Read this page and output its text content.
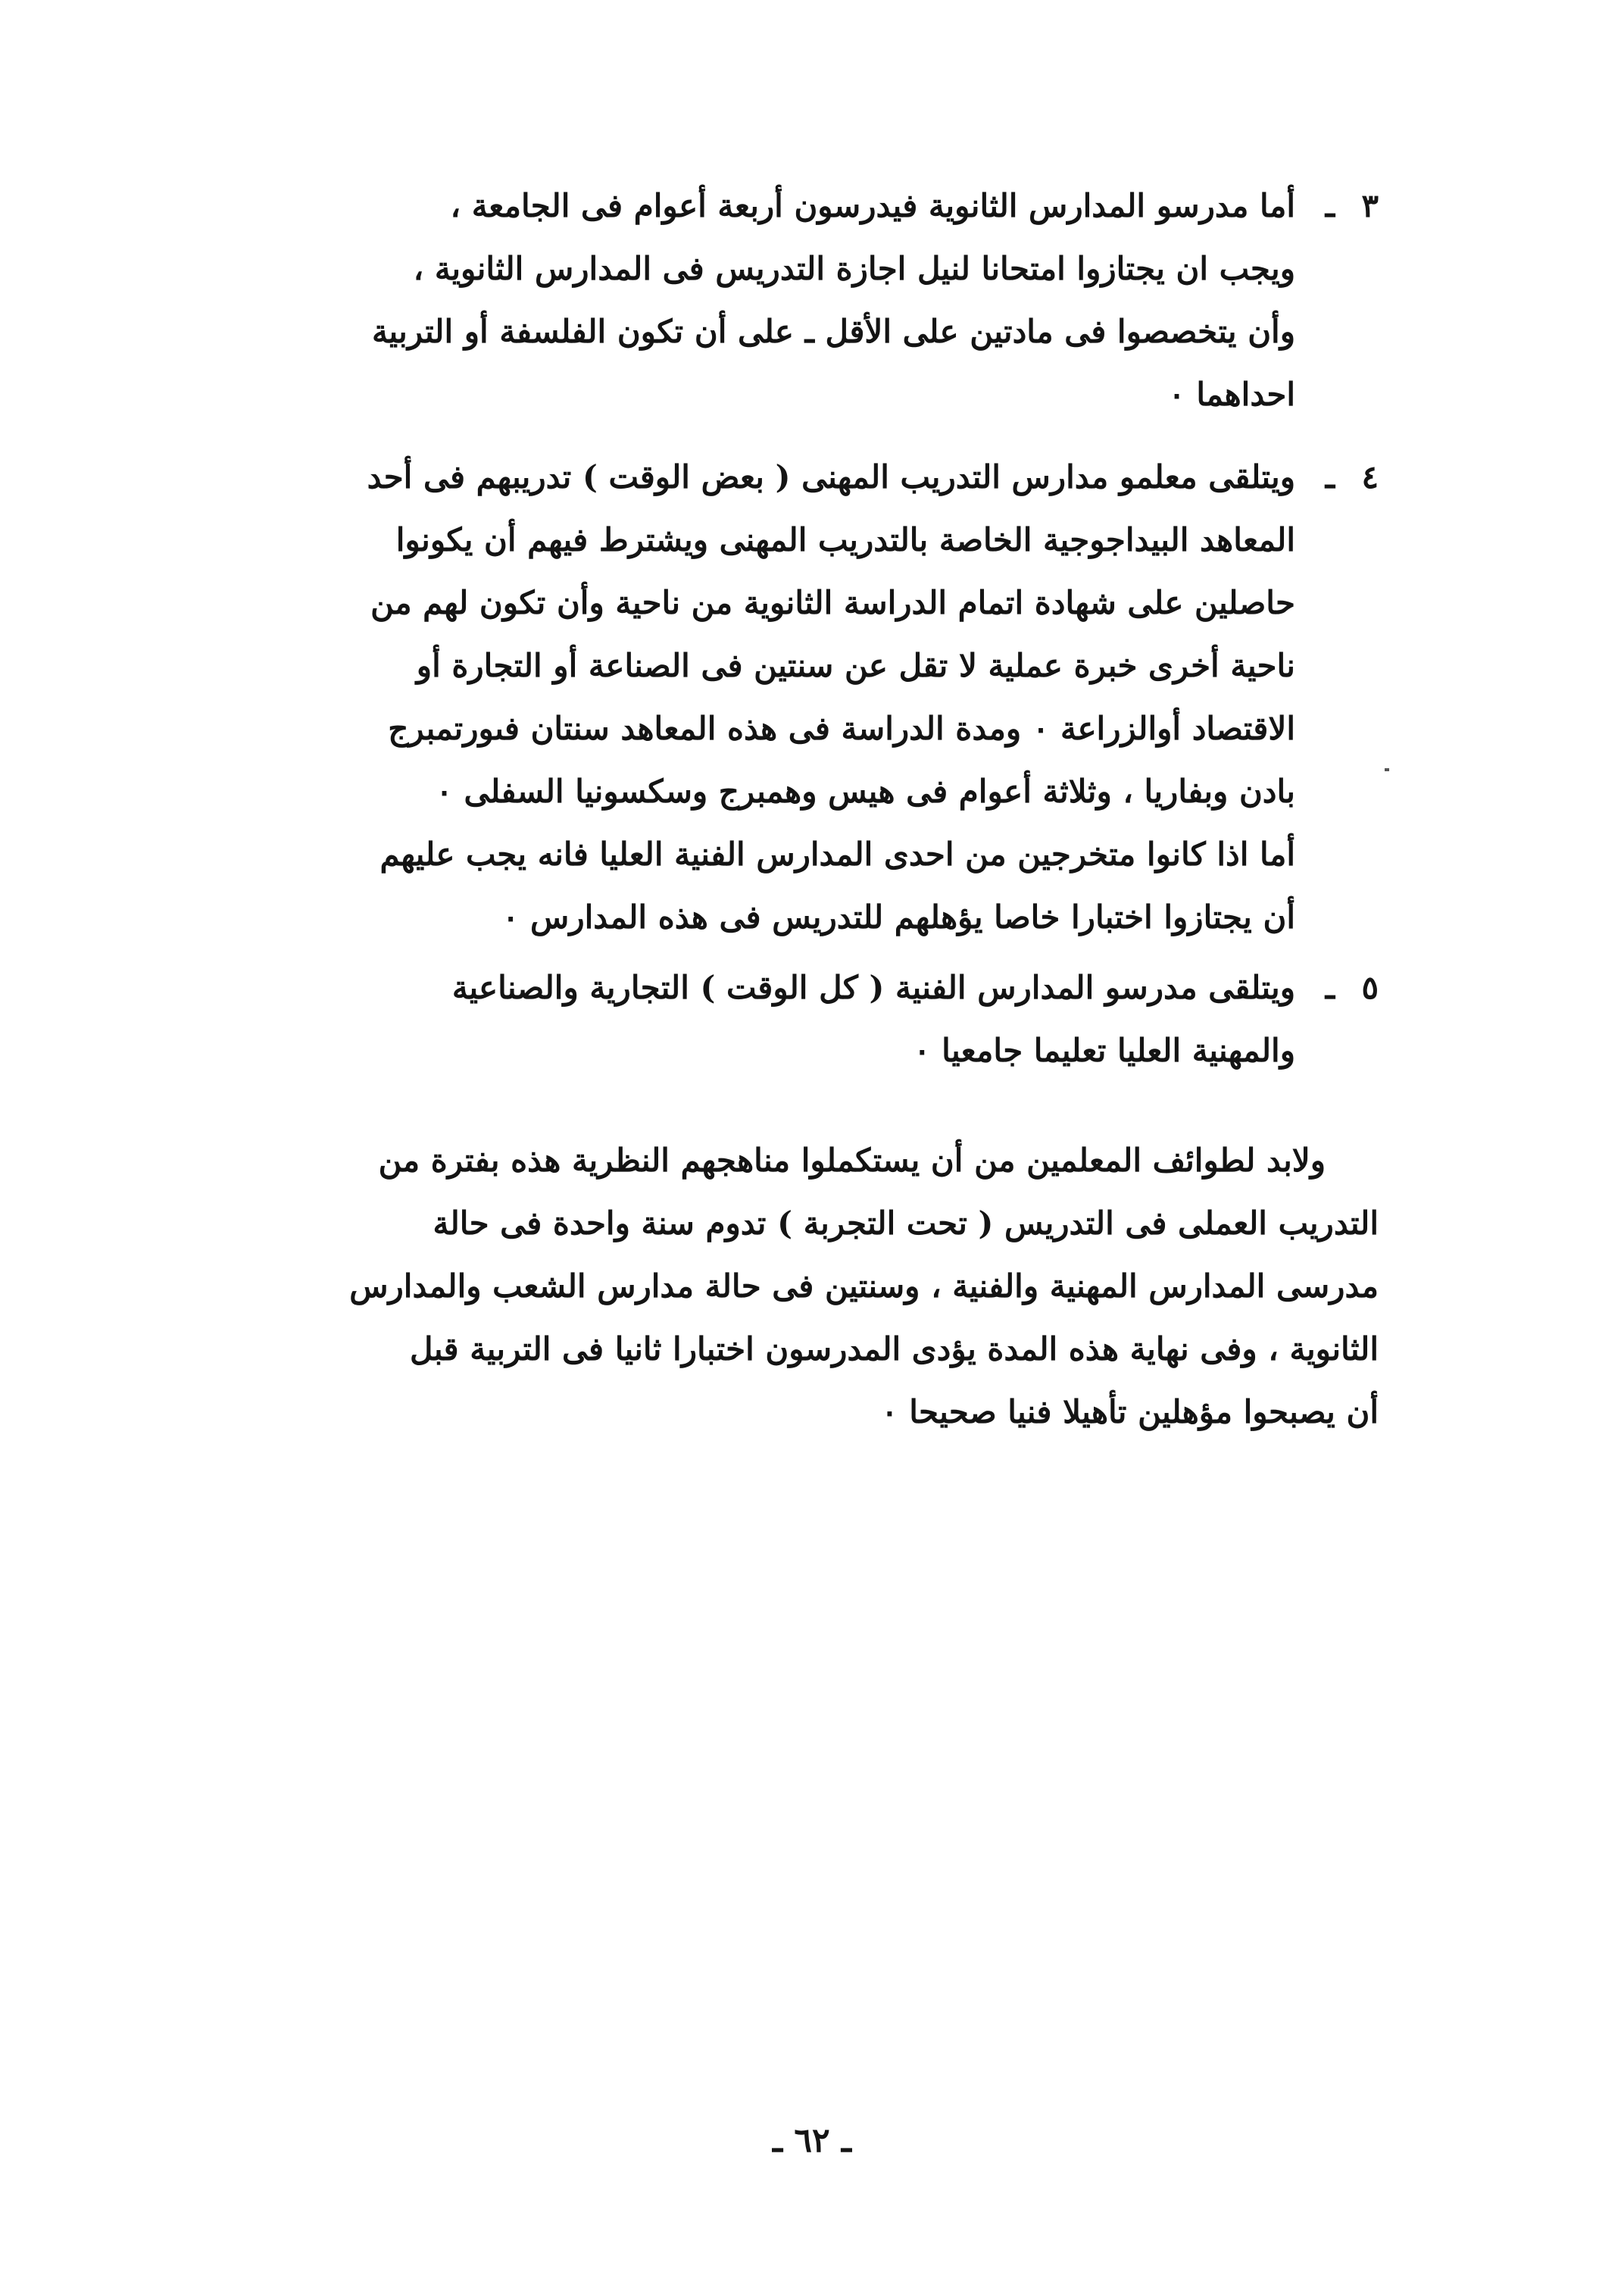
٣
ـ
أما مدرسو المدارس الثانوية فيدرسون أربعة أعوام فى الجامعة ،
ويجب ان يجتازوا امتحانا لنيل اجازة التدريس فى المدارس الثانوية ،
وأن يتخصصوا فى مادتين على الأقل ـ على أن تكون الفلسفة أو التربية
احداهما ٠
٤
ـ
ويتلقى معلمو مدارس التدريب المهنى ( بعض الوقت ) تدريبهم فى أحد
المعاهد البيداجوجية الخاصة بالتدريب المهنى ويشترط فيهم أن يكونوا
حاصلين على شهادة اتمام الدراسة الثانوية من ناحية وأن تكون لهم من
ناحية أخرى خبرة عملية لا تقل عن سنتين فى الصناعة أو التجارة أو
الاقتصاد أوالزراعة ٠ ومدة الدراسة فى هذه المعاهد سنتان فىورتمبرج
بادن وبفاريا ، وثلاثة أعوام فى هيس وهمبرج وسكسونيا السفلى ٠
أما اذا كانوا متخرجين من احدى المدارس الفنية العليا فانه يجب عليهم
أن يجتازوا اختبارا خاصا يؤهلهم للتدريس فى هذه المدارس ٠
٥
ـ
ويتلقى مدرسو المدارس الفنية ( كل الوقت ) التجارية والصناعية
والمهنية العليا تعليما جامعيا ٠
ولابد لطوائف المعلمين من أن يستكملوا مناهجهم النظرية هذه بفترة من
التدريب العملى فى التدريس ( تحت التجربة ) تدوم سنة واحدة فى حالة
مدرسى المدارس المهنية والفنية ، وسنتين فى حالة مدارس الشعب والمدارس
الثانوية ، وفى نهاية هذه المدة يؤدى المدرسون اختبارا ثانيا فى التربية قبل
أن يصبحوا مؤهلين تأهيلا فنيا صحيحا ٠
ـ ٦٢ ـ
